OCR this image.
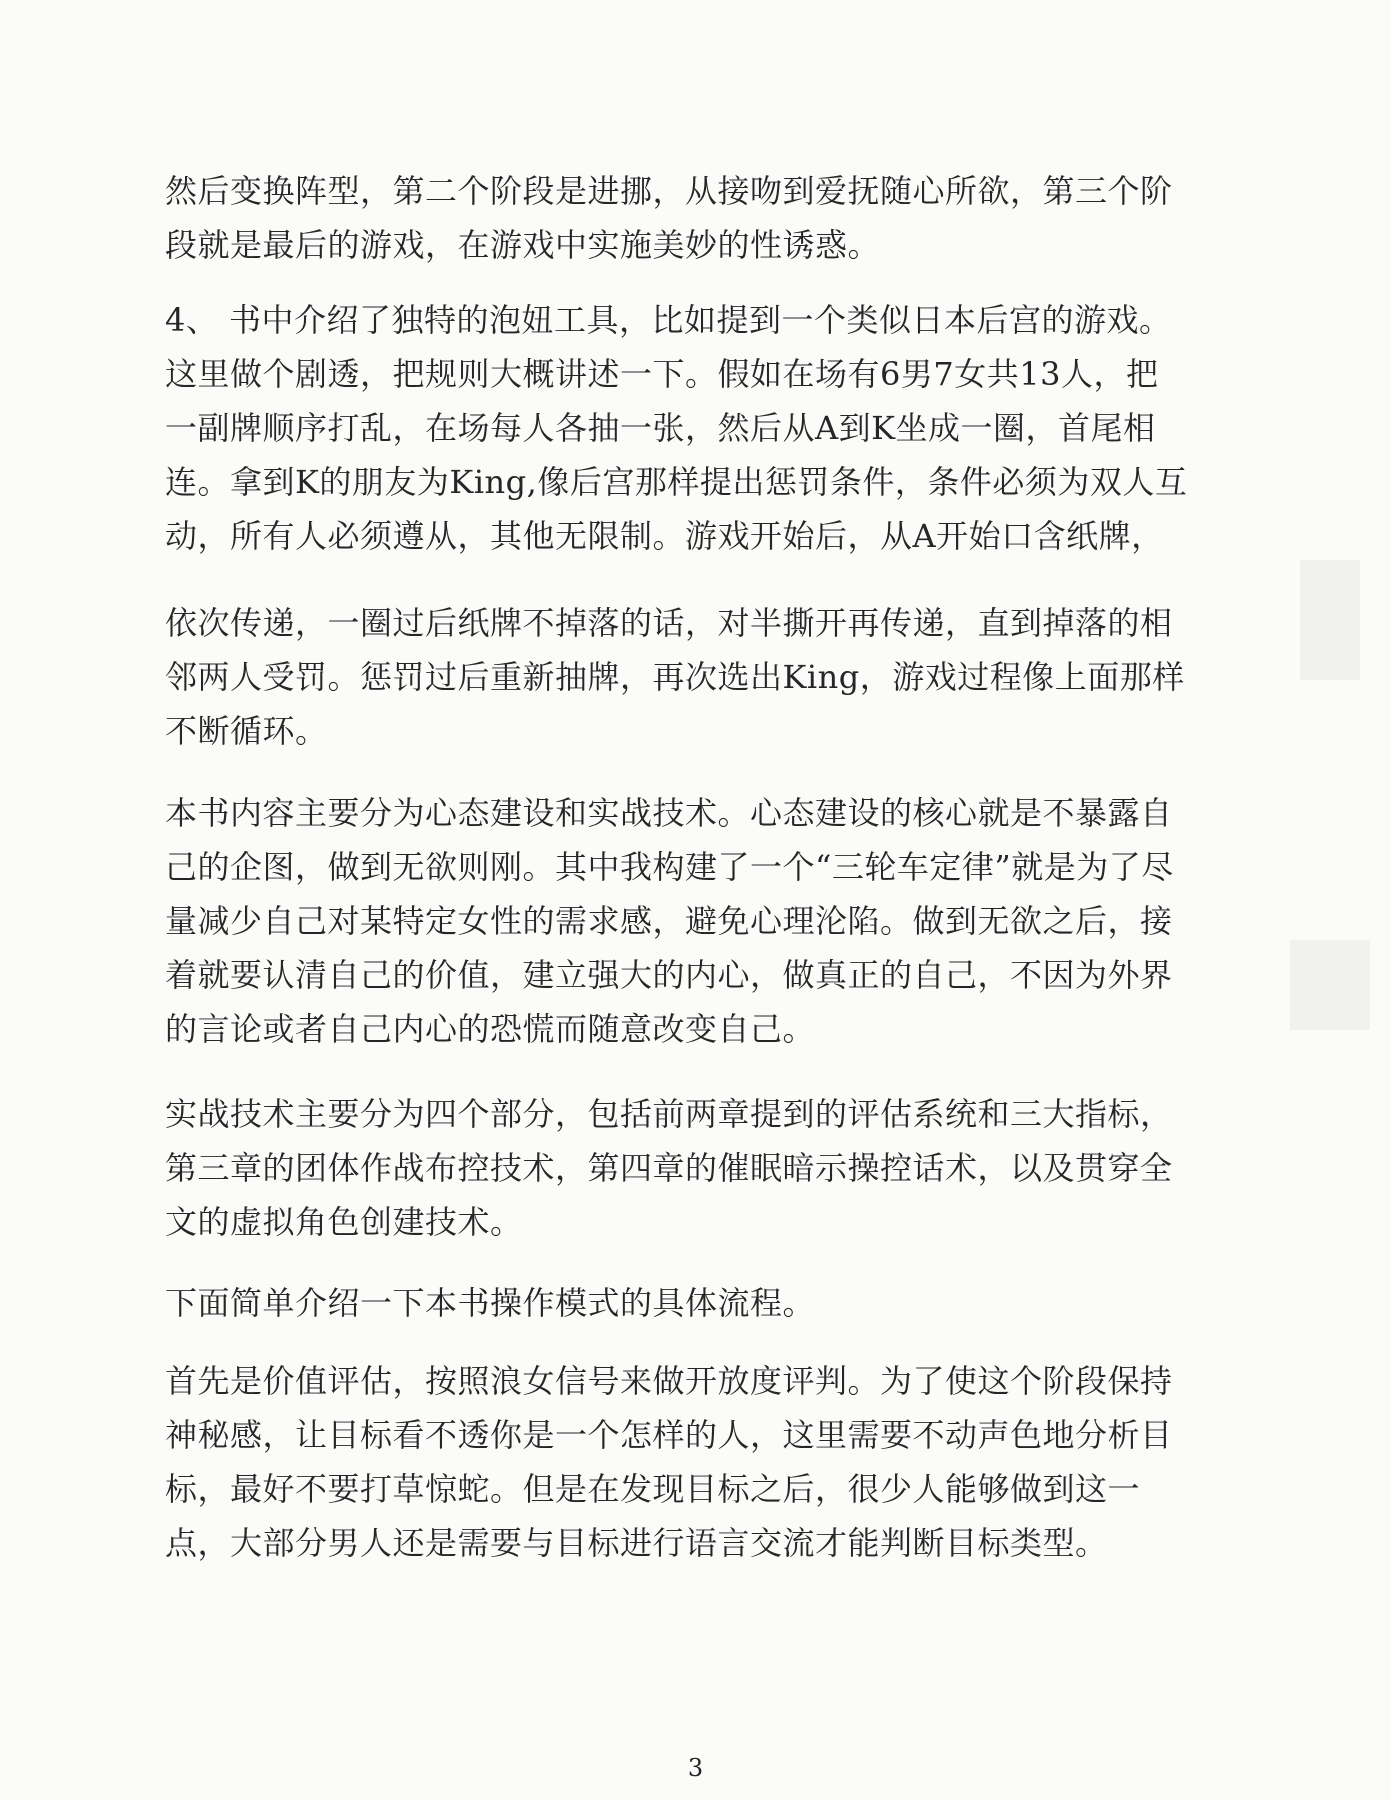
然后变换阵型，第二个阶段是进挪，从接吻到爱抚随心所欲，第三个阶
段就是最后的游戏，在游戏中实施美妙的性诱惑。
4、 书中介绍了独特的泡妞工具，比如提到一个类似日本后宫的游戏。
这里做个剧透，把规则大概讲述一下。假如在场有6男7女共13人，把
一副牌顺序打乱，在场每人各抽一张，然后从A到K坐成一圈，首尾相
连。拿到K的朋友为King,像后宫那样提出惩罚条件，条件必须为双人互
动，所有人必须遵从，其他无限制。游戏开始后，从A开始口含纸牌，
依次传递，一圈过后纸牌不掉落的话，对半撕开再传递，直到掉落的相
邻两人受罚。惩罚过后重新抽牌，再次选出King，游戏过程像上面那样
不断循环。
本书内容主要分为心态建设和实战技术。心态建设的核心就是不暴露自
己的企图，做到无欲则刚。其中我构建了一个“三轮车定律”就是为了尽
量减少自己对某特定女性的需求感，避免心理沦陷。做到无欲之后，接
着就要认清自己的价值，建立强大的内心，做真正的自己，不因为外界
的言论或者自己内心的恐慌而随意改变自己。
实战技术主要分为四个部分，包括前两章提到的评估系统和三大指标，
第三章的团体作战布控技术，第四章的催眠暗示操控话术，以及贯穿全
文的虚拟角色创建技术。
下面简单介绍一下本书操作模式的具体流程。
首先是价值评估，按照浪女信号来做开放度评判。为了使这个阶段保持
神秘感，让目标看不透你是一个怎样的人，这里需要不动声色地分析目
标，最好不要打草惊蛇。但是在发现目标之后，很少人能够做到这一
点，大部分男人还是需要与目标进行语言交流才能判断目标类型。
3
